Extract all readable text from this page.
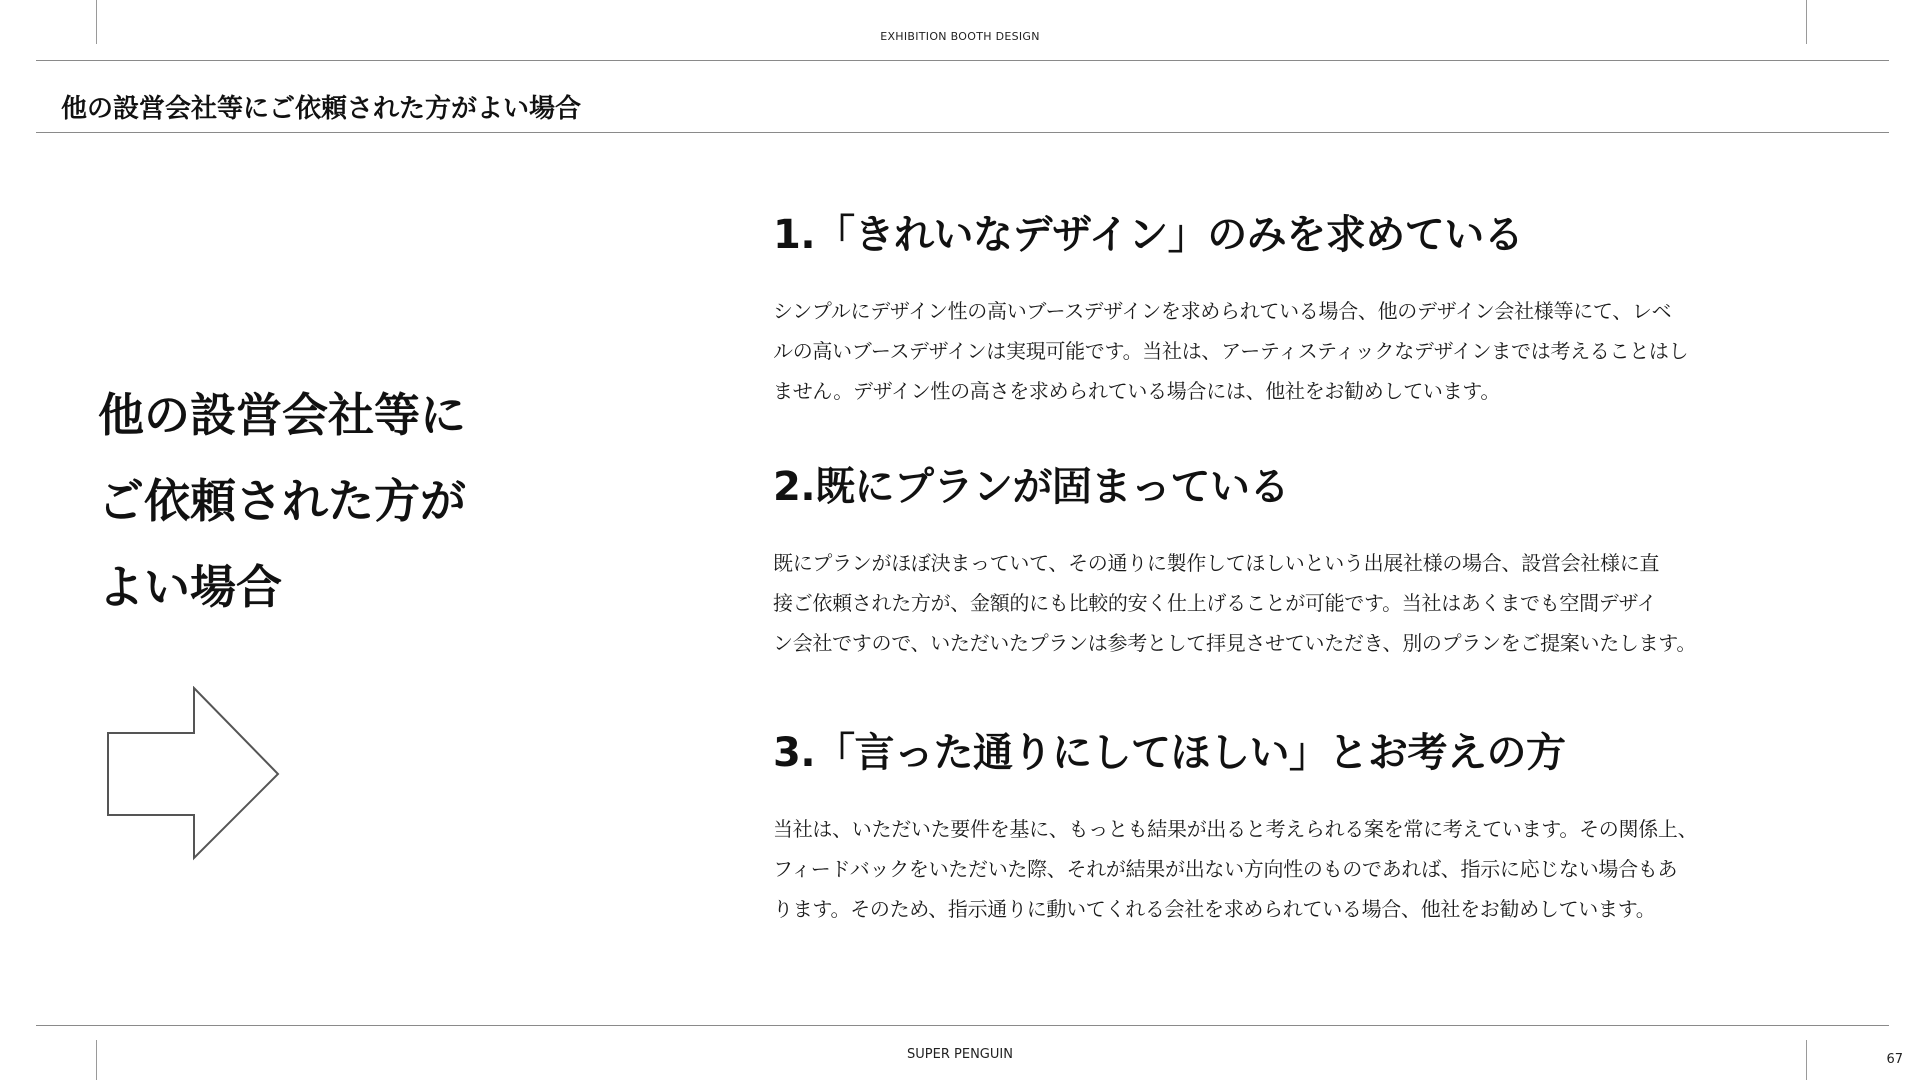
EXHIBITION BOOTH DESIGN
他の設営会社等にご依頼された方がよい場合
他の設営会社等に
ご依頼された方が
よい場合
1.「きれいなデザイン」のみを求めている

シンプルにデザイン性の高いブースデザインを求められている場合、他のデザイン会社様等にて、レベ
ルの高いブースデザインは実現可能です。当社は、アーティスティックなデザインまでは考えることはし
ません。デザイン性の高さを求められている場合には、他社をお勧めしています。

2.既にプランが固まっている

既にプランがほぼ決まっていて、その通りに製作してほしいという出展社様の場合、設営会社様に直
接ご依頼された方が、金額的にも比較的安く仕上げることが可能です。当社はあくまでも空間デザイ
ン会社ですので、いただいたプランは参考として拝見させていただき、別のプランをご提案いたします。

3.「言った通りにしてほしい」とお考えの方

当社は、いただいた要件を基に、もっとも結果が出ると考えられる案を常に考えています。その関係上、
フィードバックをいただいた際、それが結果が出ない方向性のものであれば、指示に応じない場合もあ
ります。そのため、指示通りに動いてくれる会社を求められている場合、他社をお勧めしています。

SUPER PENGUIN	67
